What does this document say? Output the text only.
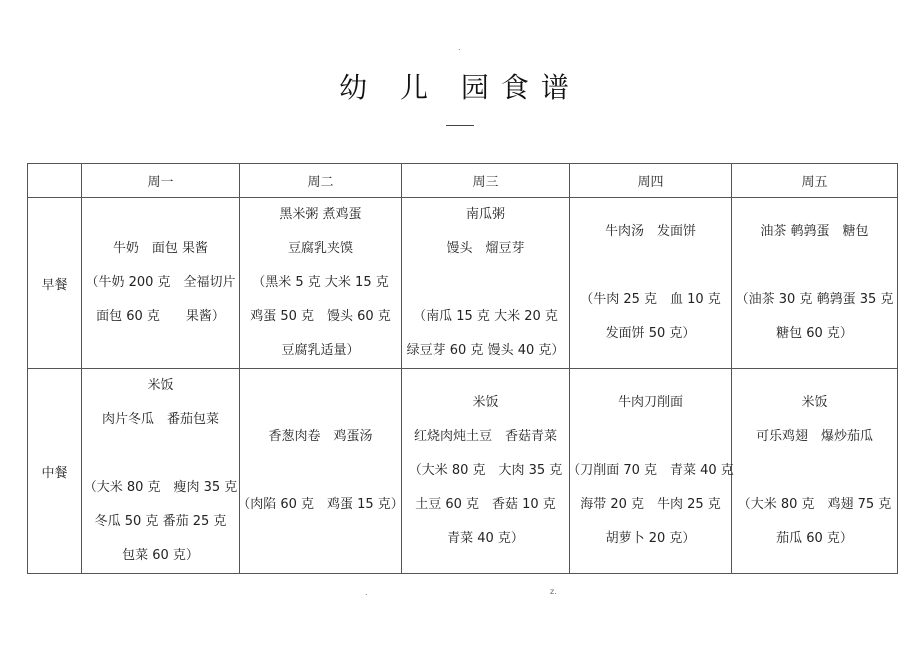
.
幼 儿 园食谱
	周一	周二	周三	周四	周五
早餐	牛奶　面包 果酱
（牛奶 200 克　全福切片
面包 60 克　　果酱）	黑米粥 煮鸡蛋
豆腐乳夹馍
（黑米 5 克 大米 15 克
鸡蛋 50 克　馒头 60 克
豆腐乳适量）	南瓜粥
馒头　熘豆芽
（南瓜 15 克 大米 20 克
绿豆芽 60 克 馒头 40 克）	牛肉汤　发面饼
（牛肉 25 克　血 10 克
发面饼 50 克）	油茶 鹌鹑蛋　糖包
（油茶 30 克 鹌鹑蛋 35 克
糖包 60 克）

中餐	米饭
肉片冬瓜　番茄包菜
（大米 80 克　瘦肉 35 克
冬瓜 50 克 番茄 25 克
包菜 60 克）	香葱肉卷　鸡蛋汤
（肉陷 60 克　鸡蛋 15 克）	米饭
红烧肉炖土豆　香菇青菜
（大米 80 克　大肉 35 克
土豆 60 克　香菇 10 克
青菜 40 克）	牛肉刀削面
（刀削面 70 克　青菜 40 克
海带 20 克　牛肉 25 克
胡萝卜 20 克）	米饭
可乐鸡翅　爆炒茄瓜
（大米 80 克　鸡翅 75 克
茄瓜 60 克）
.	z.
